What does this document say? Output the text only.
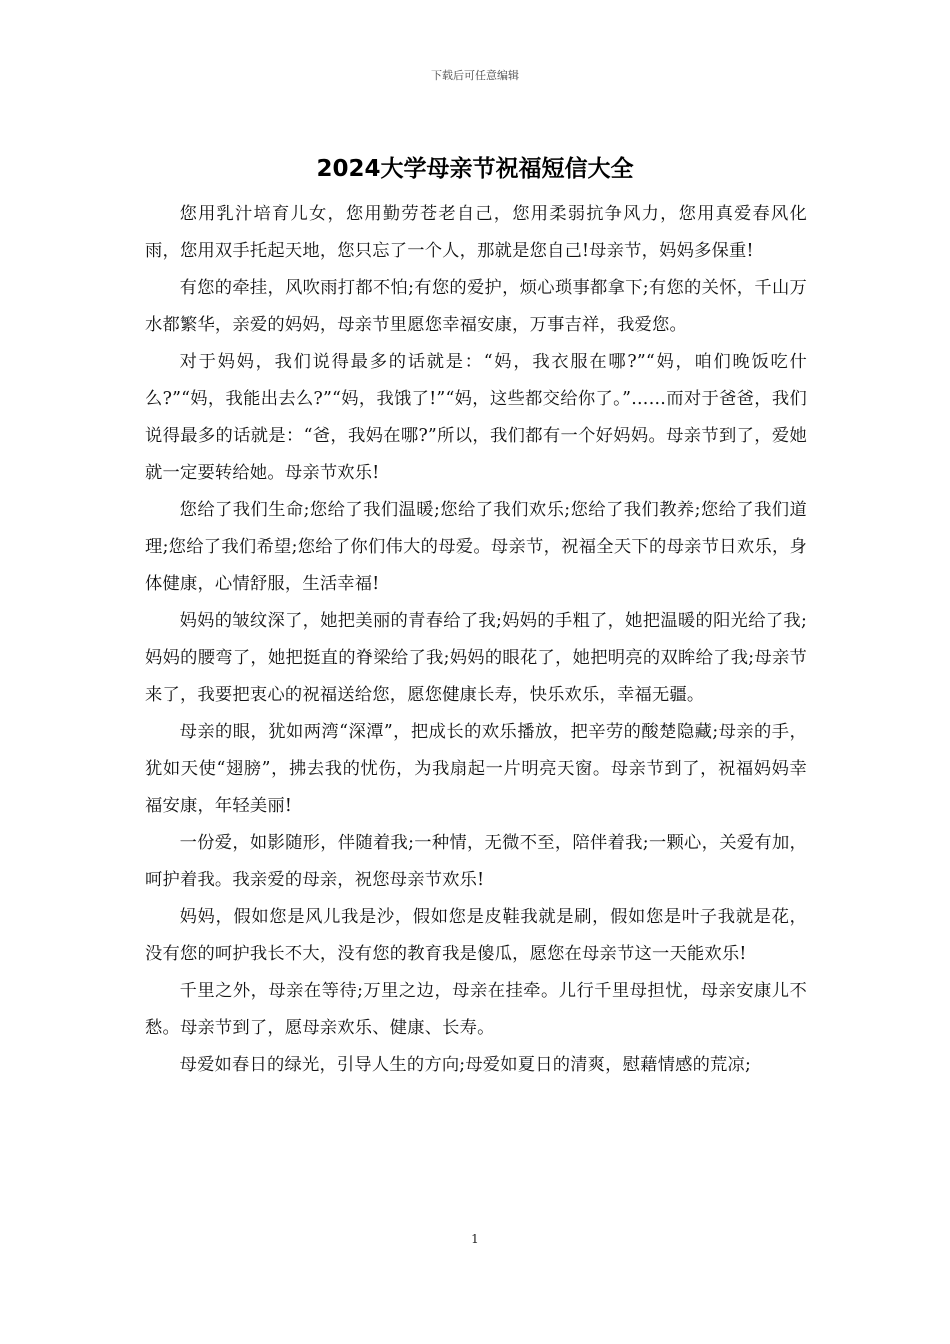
下载后可任意编辑
2024大学母亲节祝福短信大全

您用乳汁培育儿女，您用勤劳苍老自己，您用柔弱抗争风力，您用真爱春风化雨，您用双手托起天地，您只忘了一个人，那就是您自己!母亲节，妈妈多保重!

有您的牵挂，风吹雨打都不怕;有您的爱护，烦心琐事都拿下;有您的关怀，千山万水都繁华，亲爱的妈妈，母亲节里愿您幸福安康，万事吉祥，我爱您。

对于妈妈，我们说得最多的话就是：“妈，我衣服在哪?”“妈，咱们晚饭吃什么?”“妈，我能出去么?”“妈，我饿了!”“妈，这些都交给你了。”……而对于爸爸，我们说得最多的话就是：“爸，我妈在哪?”所以，我们都有一个好妈妈。母亲节到了，爱她就一定要转给她。母亲节欢乐!

您给了我们生命;您给了我们温暖;您给了我们欢乐;您给了我们教养;您给了我们道理;您给了我们希望;您给了你们伟大的母爱。母亲节，祝福全天下的母亲节日欢乐，身体健康，心情舒服，生活幸福!

妈妈的皱纹深了，她把美丽的青春给了我;妈妈的手粗了，她把温暖的阳光给了我;妈妈的腰弯了，她把挺直的脊梁给了我;妈妈的眼花了，她把明亮的双眸给了我;母亲节来了，我要把衷心的祝福送给您，愿您健康长寿，快乐欢乐，幸福无疆。

母亲的眼，犹如两湾“深潭”，把成长的欢乐播放，把辛劳的酸楚隐藏;母亲的手，犹如天使“翅膀”，拂去我的忧伤，为我扇起一片明亮天窗。母亲节到了，祝福妈妈幸福安康，年轻美丽!

一份爱，如影随形，伴随着我;一种情，无微不至，陪伴着我;一颗心，关爱有加，呵护着我。我亲爱的母亲，祝您母亲节欢乐!

妈妈，假如您是风儿我是沙，假如您是皮鞋我就是刷，假如您是叶子我就是花，没有您的呵护我长不大，没有您的教育我是傻瓜，愿您在母亲节这一天能欢乐!

千里之外，母亲在等待;万里之边，母亲在挂牵。儿行千里母担忧，母亲安康儿不愁。母亲节到了，愿母亲欢乐、健康、长寿。

母爱如春日的绿光，引导人生的方向;母爱如夏日的清爽，慰藉情感的荒凉;

1
